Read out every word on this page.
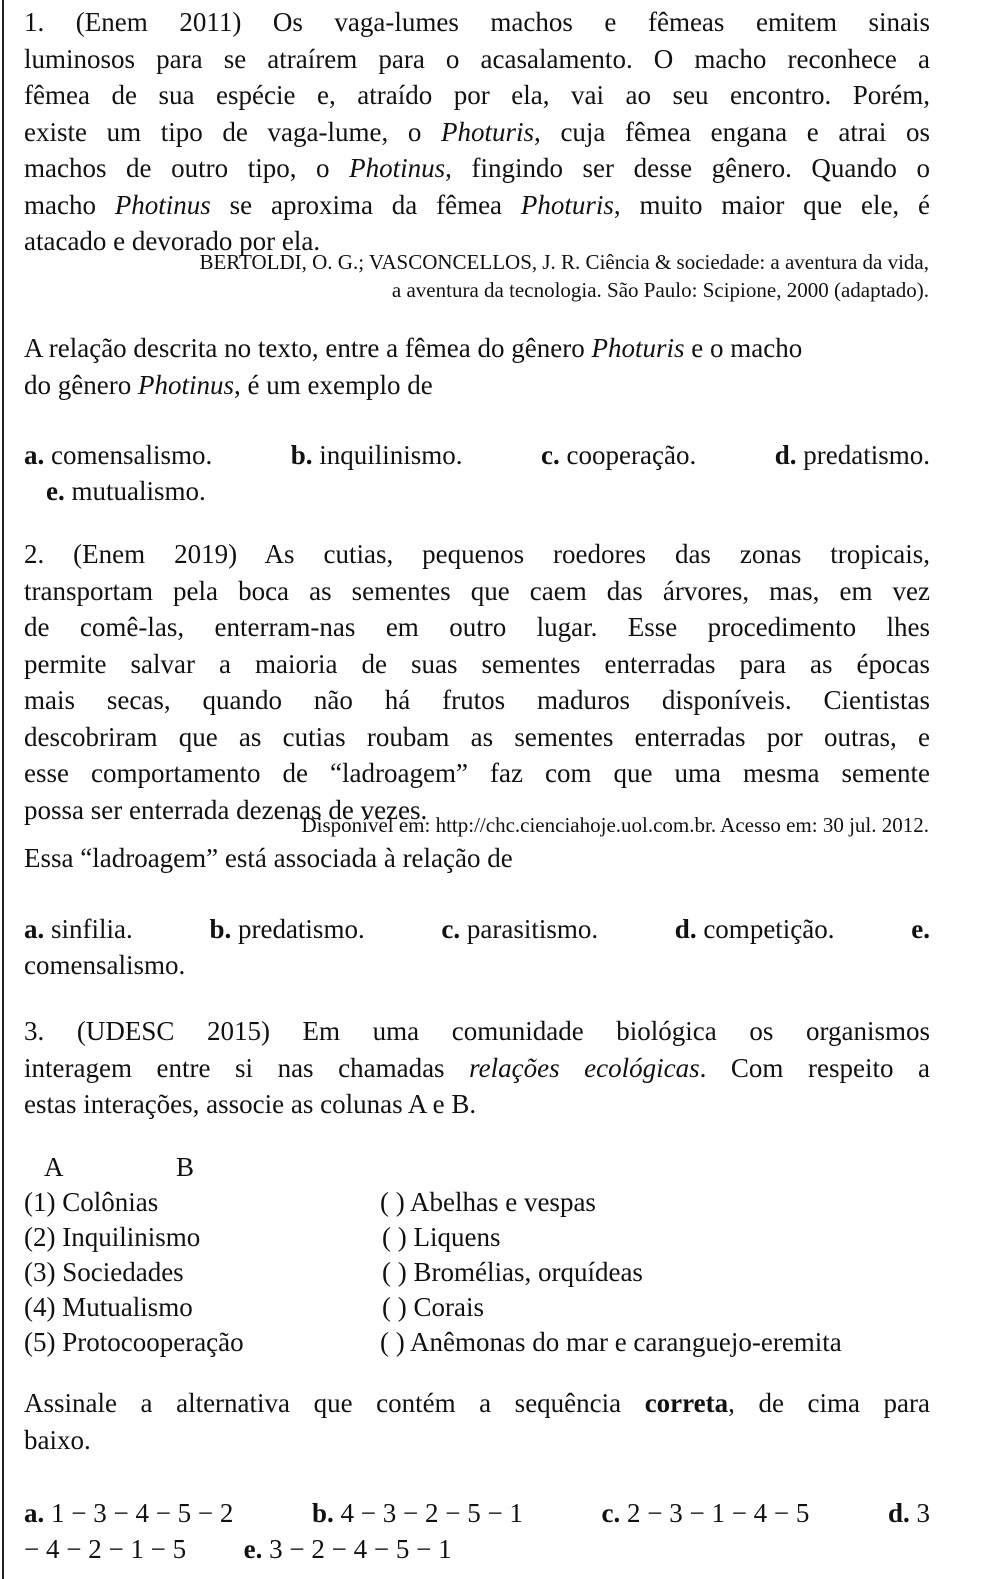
1. (Enem 2011) Os vaga-lumes machos e fêmeas emitem sinais
luminosos para se atraírem para o acasalamento. O macho reconhece a
fêmea de sua espécie e, atraído por ela, vai ao seu encontro. Porém,
existe um tipo de vaga-lume, o Photuris, cuja fêmea engana e atrai os
machos de outro tipo, o Photinus, fingindo ser desse gênero. Quando o
macho Photinus se aproxima da fêmea Photuris, muito maior que ele, é
atacado e devorado por ela.
BERTOLDI, O. G.; VASCONCELLOS, J. R. Ciência & sociedade: a aventura da vida,
a aventura da tecnologia. São Paulo: Scipione, 2000 (adaptado).
A relação descrita no texto, entre a fêmea do gênero Photuris e o macho
do gênero Photinus, é um exemplo de
a. comensalismo.	b. inquilinismo.	c. cooperação.	d. predatismo.
e. mutualismo.
2. (Enem 2019) As cutias, pequenos roedores das zonas tropicais,
transportam pela boca as sementes que caem das árvores, mas, em vez
de comê-las, enterram-nas em outro lugar. Esse procedimento lhes
permite salvar a maioria de suas sementes enterradas para as épocas
mais secas, quando não há frutos maduros disponíveis. Cientistas
descobriram que as cutias roubam as sementes enterradas por outras, e
esse comportamento de “ladroagem” faz com que uma mesma semente
possa ser enterrada dezenas de vezes.
Disponível em: http://chc.cienciahoje.uol.com.br. Acesso em: 30 jul. 2012.
Essa “ladroagem” está associada à relação de
a. sinfilia.	b. predatismo.	c. parasitismo.	d. competição.	e.
comensalismo.
3. (UDESC 2015) Em uma comunidade biológica os organismos
interagem entre si nas chamadas relações ecológicas. Com respeito a
estas interações, associe as colunas A e B.
A	B
(1) Colônias	( ) Abelhas e vespas
(2) Inquilinismo	( ) Liquens
(3) Sociedades	( ) Bromélias, orquídeas
(4) Mutualismo	( ) Corais
(5) Protocooperação	( ) Anêmonas do mar e caranguejo-eremita
Assinale a alternativa que contém a sequência correta, de cima para
baixo.
a. 1 − 3 − 4 − 5 − 2	b. 4 − 3 − 2 − 5 − 1	c. 2 − 3 − 1 − 4 − 5	d. 3
− 4 − 2 − 1 − 5 e. 3 − 2 − 4 − 5 − 1
